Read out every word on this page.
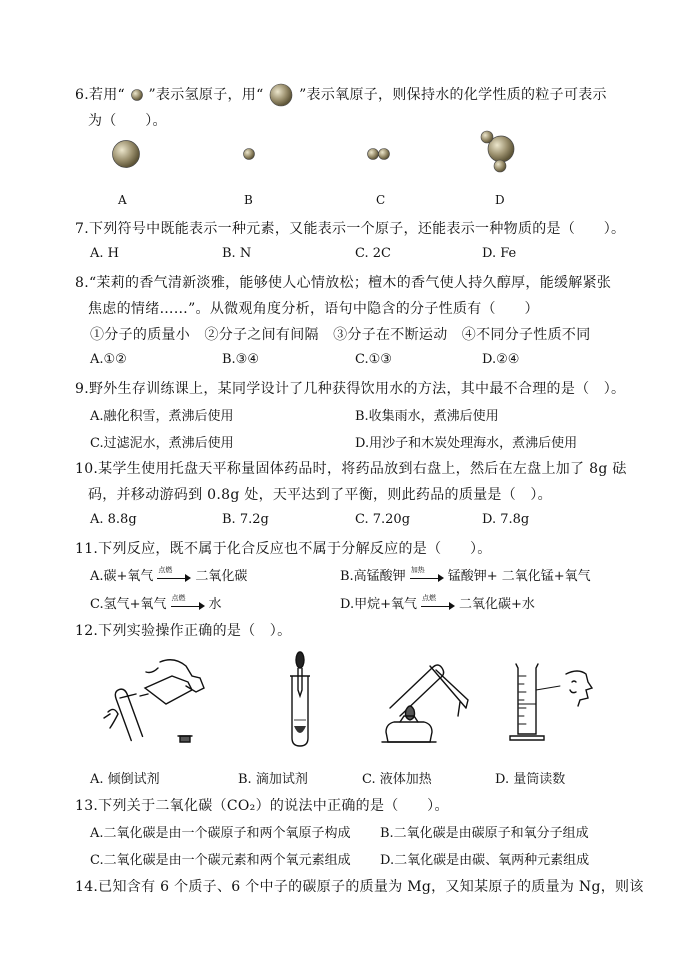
6.若用“ ”表示氢原子，用“	”表示氧原子，则保持水的化学性质的粒子可表示
为（　　）。
A	B	C	D
7.下列符号中既能表示一种元素，又能表示一个原子，还能表示一种物质的是（　　）。
A. H	B. N	C. 2C	D. Fe
8.“茉莉的香气清新淡雅，能够使人心情放松；檀木的香气使人持久醇厚，能缓解紧张
焦虑的情绪……”。从微观角度分析，语句中隐含的分子性质有（　　）
①分子的质量小　②分子之间有间隔　③分子在不断运动　④不同分子性质不同
A.①②	B.③④	C.①③	D.②④
9.野外生存训练课上，某同学设计了几种获得饮用水的方法，其中最不合理的是（　）。
A.融化积雪，煮沸后使用	B.收集雨水，煮沸后使用
C.过滤泥水，煮沸后使用	D.用沙子和木炭处理海水，煮沸后使用
10.某学生使用托盘天平称量固体药品时，将药品放到右盘上，然后在左盘上加了 8g 砝
码，并移动游码到 0.8g 处，天平达到了平衡，则此药品的质量是（　）。
A. 8.8g	B. 7.2g	C. 7.20g	D. 7.8g
11.下列反应，既不属于化合反应也不属于分解反应的是（　　）。
A.碳+氧气 点燃 二氧化碳	B.高锰酸钾 加热 锰酸钾+ 二氧化锰+氧气
C.氢气+氧气 点燃 水	D.甲烷+氧气 点燃 二氧化碳+水
12.下列实验操作正确的是（　）。
A. 倾倒试剂	B. 滴加试剂	C. 液体加热	D. 量筒读数
13.下列关于二氧化碳（CO₂）的说法中正确的是（　　）。
A.二氧化碳是由一个碳原子和两个氧原子构成 B.二氧化碳是由碳原子和氧分子组成
C.二氧化碳是由一个碳元素和两个氧元素组成 D.二氧化碳是由碳、氧两种元素组成
14.已知含有 6 个质子、6 个中子的碳原子的质量为 Mg，又知某原子的质量为 Ng，则该
